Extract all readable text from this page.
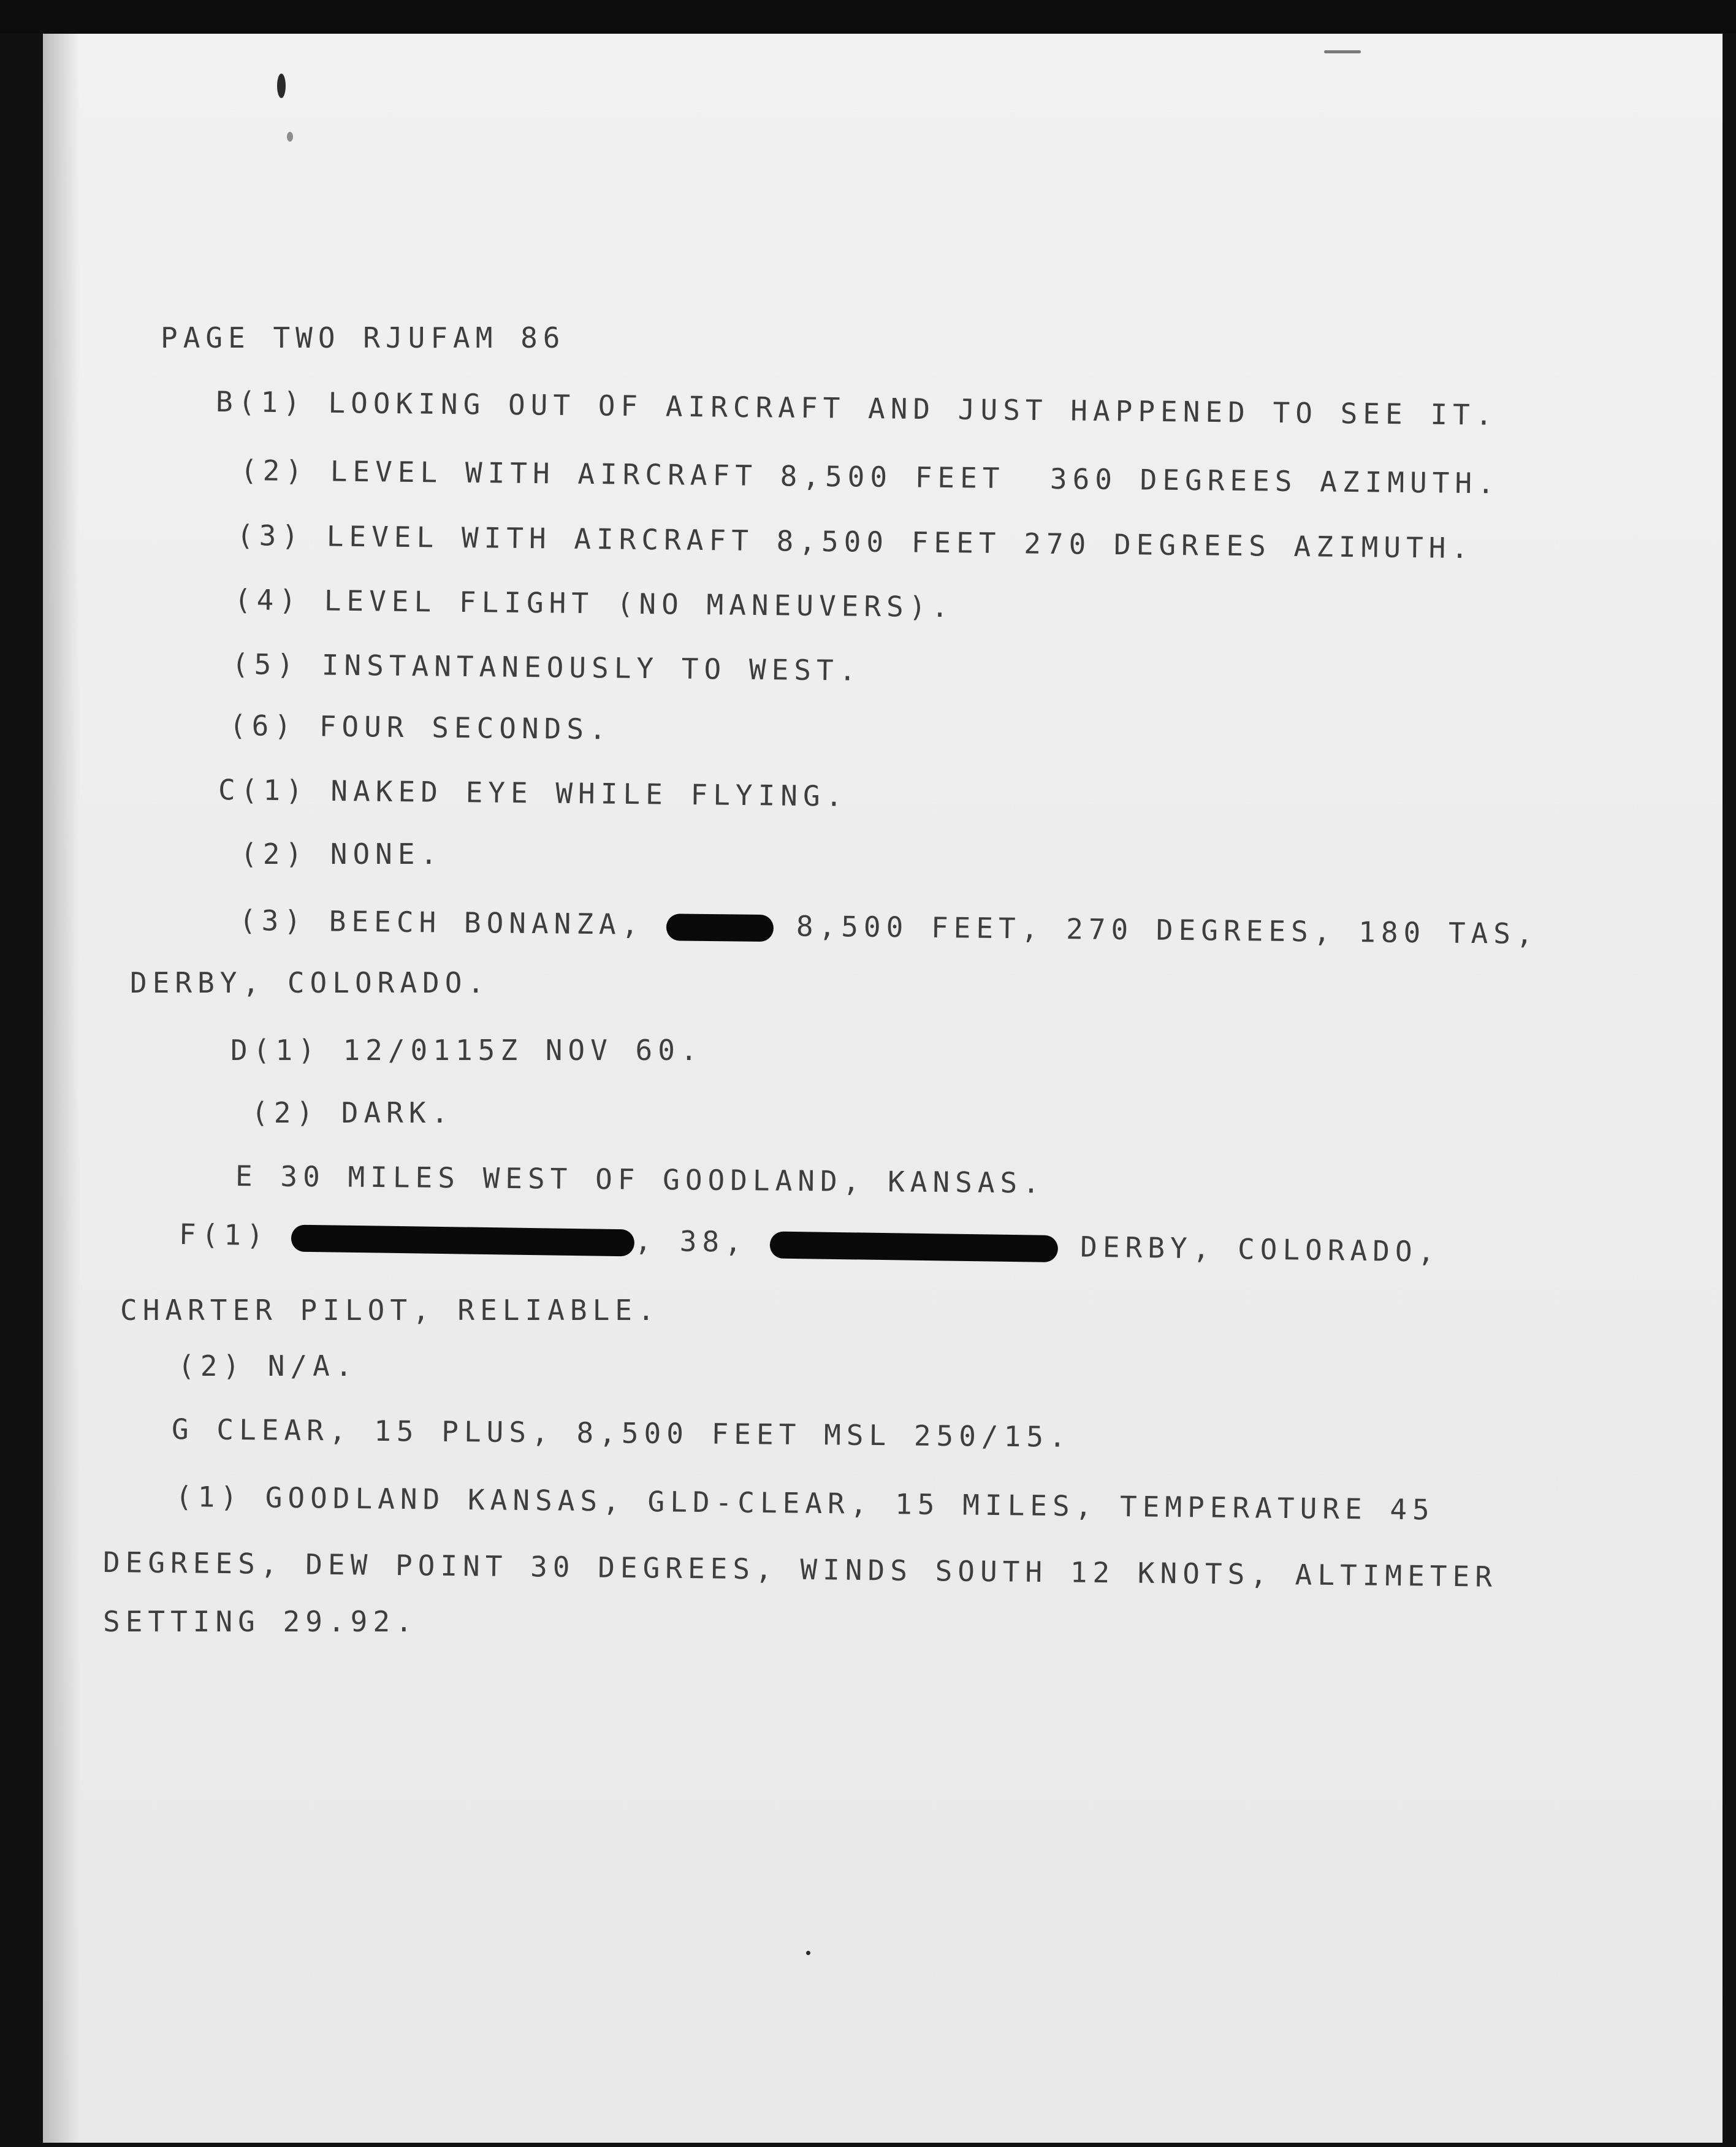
PAGE TWO RJUFAM 86

B(1) LOOKING OUT OF AIRCRAFT AND JUST HAPPENED TO SEE IT.

(2) LEVEL WITH AIRCRAFT 8,500 FEET  360 DEGREES AZIMUTH.

(3) LEVEL WITH AIRCRAFT 8,500 FEET 270 DEGREES AZIMUTH.

(4) LEVEL FLIGHT (NO MANEUVERS).

(5) INSTANTANEOUSLY TO WEST.

(6) FOUR SECONDS.

C(1) NAKED EYE WHILE FLYING.

(2) NONE.

(3) BEECH BONANZA,	8,500 FEET, 270 DEGREES, 180 TAS,

DERBY, COLORADO.

D(1) 12/0115Z NOV 60.

(2) DARK.

E 30 MILES WEST OF GOODLAND, KANSAS.

F(1)	, 38,	DERBY, COLORADO,

CHARTER PILOT, RELIABLE.

(2) N/A.

G CLEAR, 15 PLUS, 8,500 FEET MSL 250/15.

(1) GOODLAND KANSAS, GLD-CLEAR, 15 MILES, TEMPERATURE 45

DEGREES, DEW POINT 30 DEGREES, WINDS SOUTH 12 KNOTS, ALTIMETER

SETTING 29.92.
